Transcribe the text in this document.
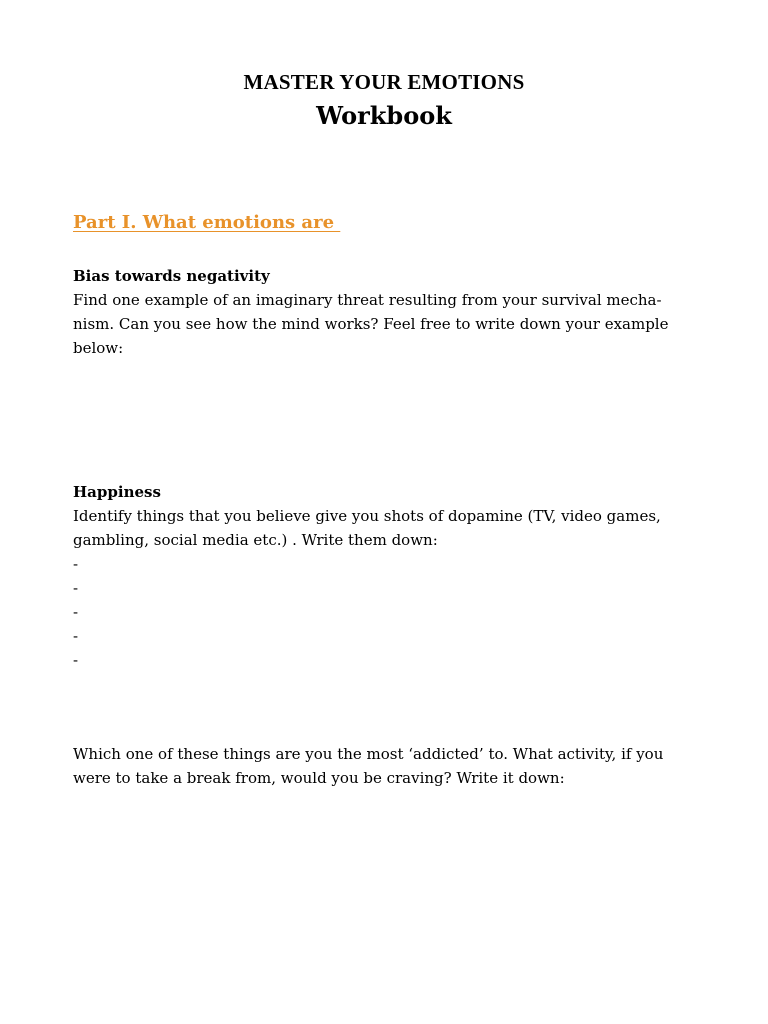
MASTER YOUR EMOTIONS
Workbook
Part I. What emotions are
Bias towards negativity
Find one example of an imaginary threat resulting from your survival mecha-
nism. Can you see how the mind works? Feel free to write down your example
below:
Happiness
Identify things that you believe give you shots of dopamine (TV, video games,
gambling, social media etc.) . Write them down:
-
-
-
-
-
Which one of these things are you the most ‘addicted’ to. What activity, if you
were to take a break from, would you be craving? Write it down:
